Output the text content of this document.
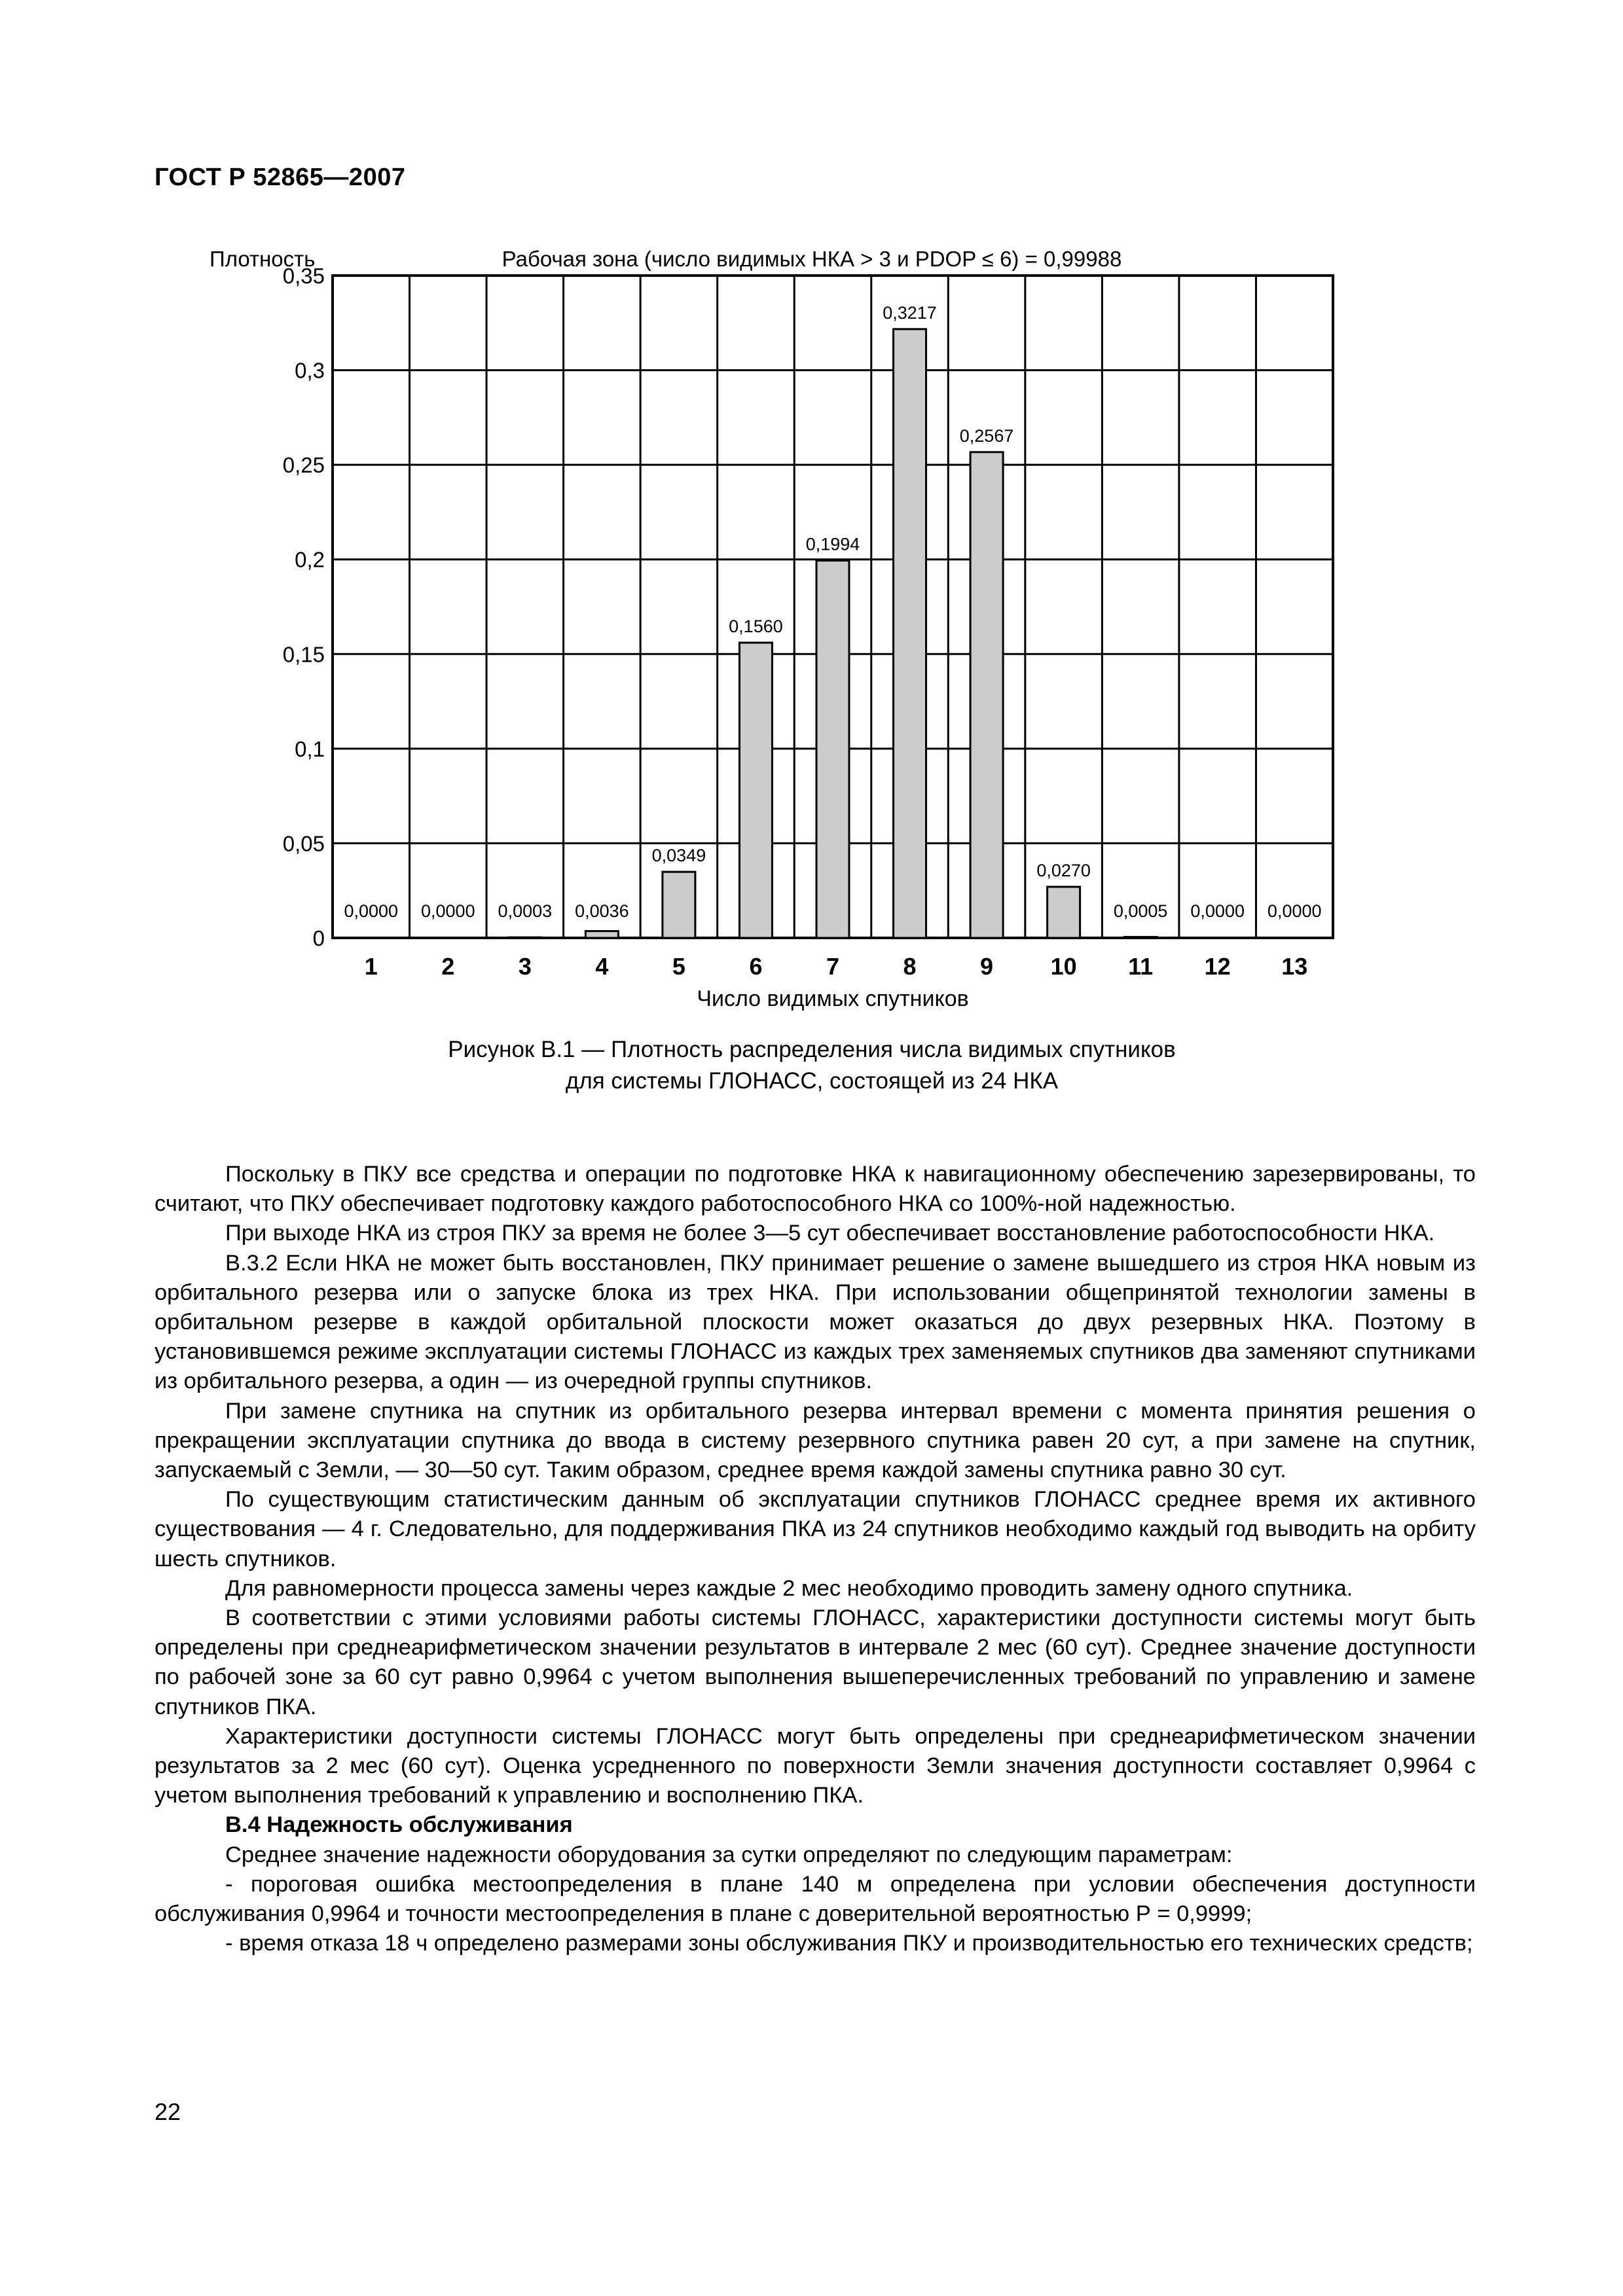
ГОСТ Р 52865—2007
0,0000
1
0,0000
2
0,0003
3
0,0036
4
0,0349
5
0,1560
6
0,1994
7
0,3217
8
0,2567
9
0,0270
10
0,0005
11
0,0000
12
0,0000
13
0
0,05
0,1
0,15
0,2
0,25
0,3
0,35
Рабочая зона (число видимых НКА > 3 и PDOP ≤ 6) = 0,99988
Плотность
Число видимых спутников
Рисунок В.1 — Плотность распределения числа видимых спутников
для системы ГЛОНАСС, состоящей из 24 НКА

Поскольку в ПКУ все средства и операции по подготовке НКА к навигационному обеспечению зарезервированы, то считают, что ПКУ обеспечивает подготовку каждого работоспособного НКА со 100%-ной надежностью.

При выходе НКА из строя ПКУ за время не более 3—5 сут обеспечивает восстановление работоспособности НКА.

В.3.2 Если НКА не может быть восстановлен, ПКУ принимает решение о замене вышедшего из строя НКА новым из орбитального резерва или о запуске блока из трех НКА. При использовании общепринятой технологии замены в орбитальном резерве в каждой орбитальной плоскости может оказаться до двух резервных НКА. Поэтому в установившемся режиме эксплуатации системы ГЛОНАСС из каждых трех заменяемых спутников два заменяют спутниками из орбитального резерва, а один — из очередной группы спутников.

При замене спутника на спутник из орбитального резерва интервал времени с момента принятия решения о прекращении эксплуатации спутника до ввода в систему резервного спутника равен 20 сут, а при замене на спутник, запускаемый с Земли, — 30—50 сут. Таким образом, среднее время каждой замены спутника равно 30 сут.

По существующим статистическим данным об эксплуатации спутников ГЛОНАСС среднее время их активного существования — 4 г. Следовательно, для поддерживания ПКА из 24 спутников необходимо каждый год выводить на орбиту шесть спутников.

Для равномерности процесса замены через каждые 2 мес необходимо проводить замену одного спутника.

В соответствии с этими условиями работы системы ГЛОНАСС, характеристики доступности системы могут быть определены при среднеарифметическом значении результатов в интервале 2 мес (60 сут). Среднее значение доступности по рабочей зоне за 60 сут равно 0,9964 с учетом выполнения вышеперечисленных требований по управлению и замене спутников ПКА.

Характеристики доступности системы ГЛОНАСС могут быть определены при среднеарифметическом значении результатов за 2 мес (60 сут). Оценка усредненного по поверхности Земли значения доступности составляет 0,9964 с учетом выполнения требований к управлению и восполнению ПКА.

В.4 Надежность обслуживания

Среднее значение надежности оборудования за сутки определяют по следующим параметрам:

- пороговая ошибка местоопределения в плане 140 м определена при условии обеспечения доступности обслуживания 0,9964 и точности местоопределения в плане с доверительной вероятностью Р = 0,9999;

- время отказа 18 ч определено размерами зоны обслуживания ПКУ и производительностью его технических средств;

22
